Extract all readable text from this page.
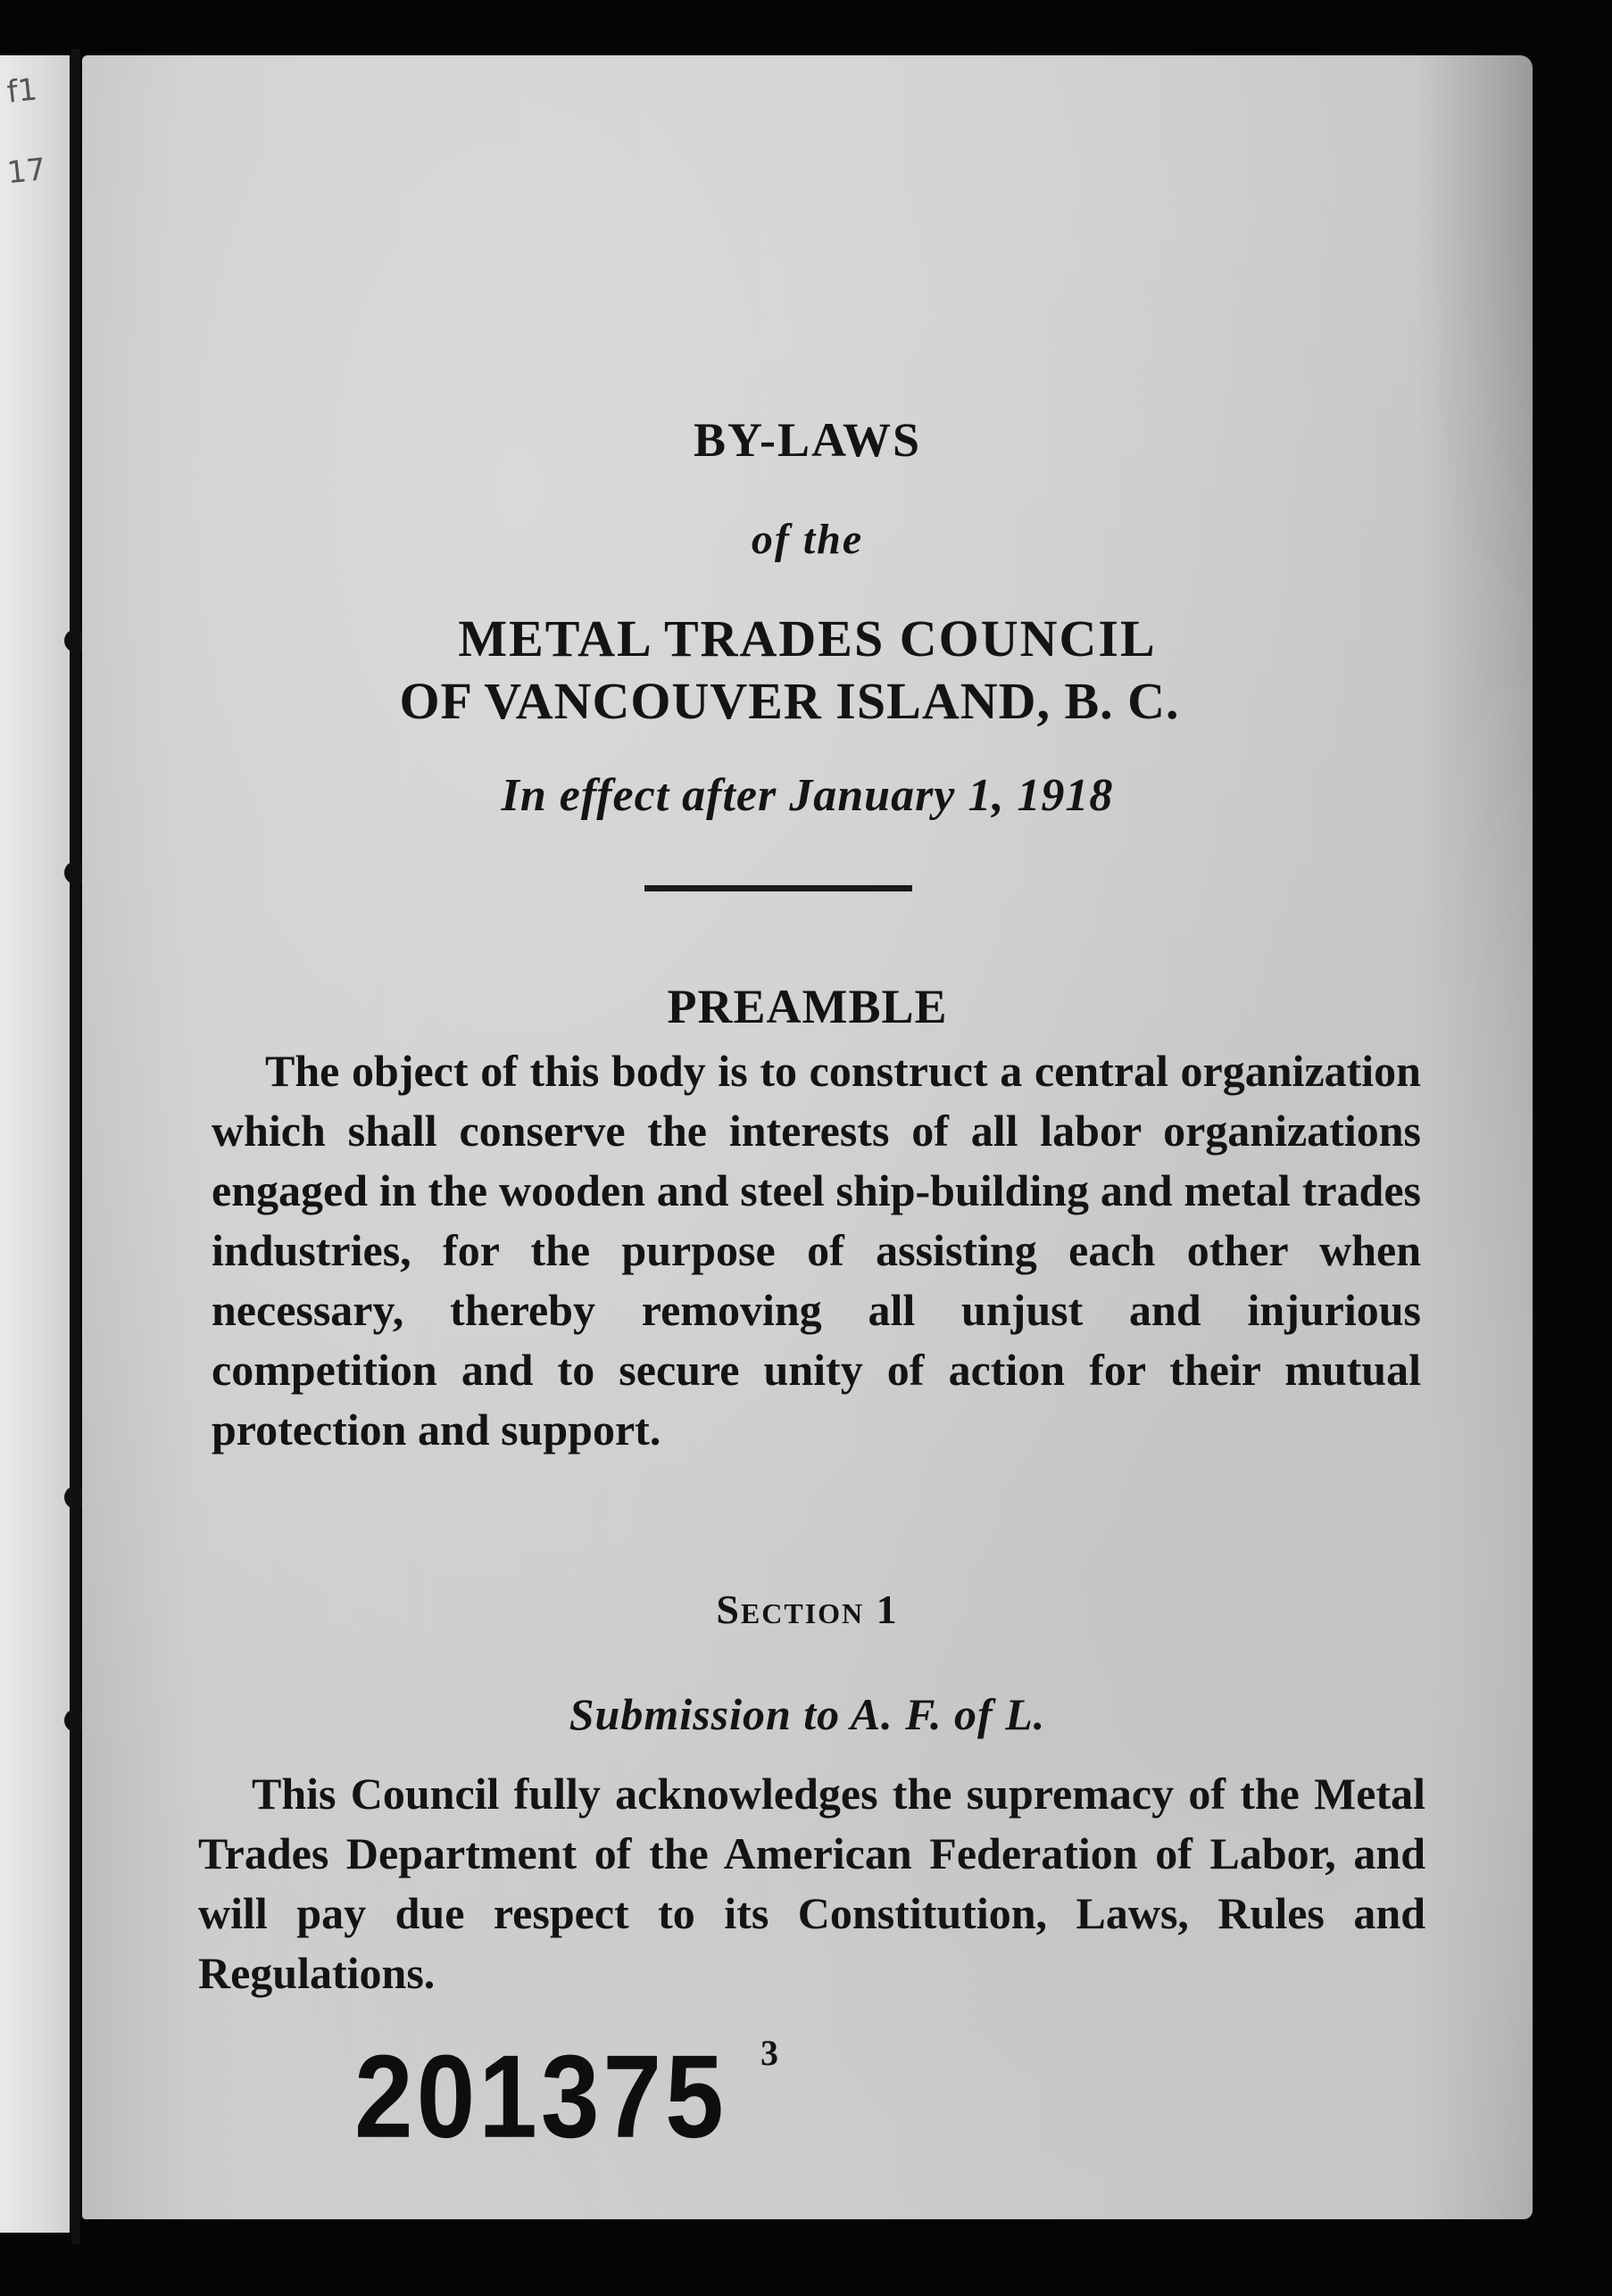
f1
17
BY-LAWS
of the
METAL TRADES COUNCIL
OF VANCOUVER ISLAND, B. C.
In effect after January 1, 1918
PREAMBLE
The object of this body is to construct a central organization which shall conserve the interests of all labor organizations engaged in the wooden and steel ship-building and metal trades industries, for the purpose of assisting each other when necessary, thereby removing all unjust and injurious competition and to secure unity of action for their mutual protection and support.
Section 1
Submission to A. F. of L.
This Council fully acknowledges the supremacy of the Metal Trades Department of the American Federation of Labor, and will pay due respect to its Constitution, Laws, Rules and Regulations.
201375 3
